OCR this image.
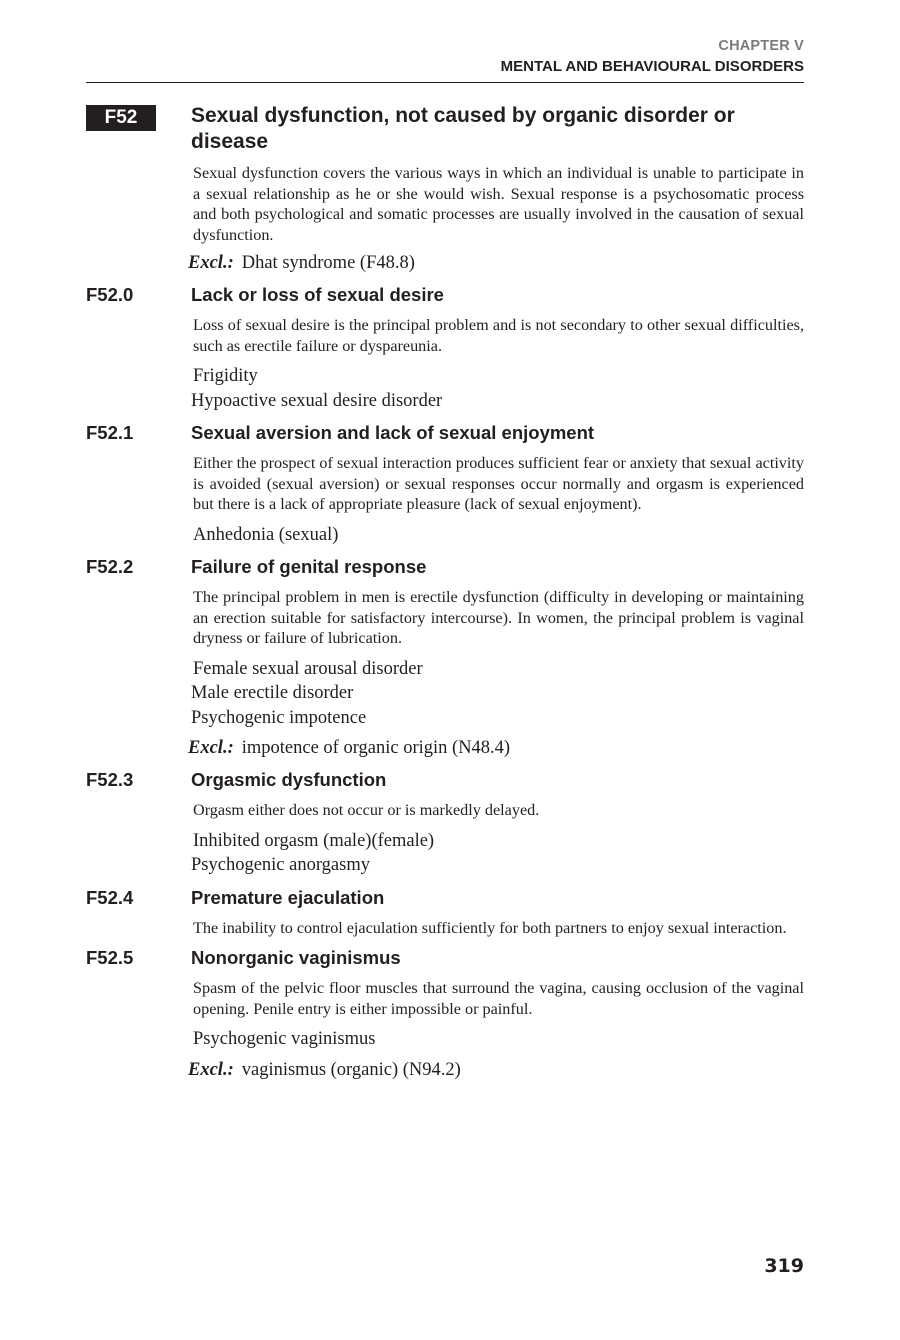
CHAPTER V
MENTAL AND BEHAVIOURAL DISORDERS
F52	Sexual dysfunction, not caused by organic disorder or disease
Sexual dysfunction covers the various ways in which an individual is unable to participate in a sexual relationship as he or she would wish. Sexual response is a psychosomatic process and both psychological and somatic processes are usually involved in the causation of sexual dysfunction.
Excl.: Dhat syndrome (F48.8)
F52.0	Lack or loss of sexual desire
Loss of sexual desire is the principal problem and is not secondary to other sexual difficulties, such as erectile failure or dyspareunia.
Frigidity
Hypoactive sexual desire disorder
F52.1	Sexual aversion and lack of sexual enjoyment
Either the prospect of sexual interaction produces sufficient fear or anxiety that sexual activity is avoided (sexual aversion) or sexual responses occur normally and orgasm is experienced but there is a lack of appropriate pleasure (lack of sexual enjoyment).
Anhedonia (sexual)
F52.2	Failure of genital response
The principal problem in men is erectile dysfunction (difficulty in developing or maintaining an erection suitable for satisfactory intercourse). In women, the principal problem is vaginal dryness or failure of lubrication.
Female sexual arousal disorder
Male erectile disorder
Psychogenic impotence
Excl.: impotence of organic origin (N48.4)
F52.3	Orgasmic dysfunction
Orgasm either does not occur or is markedly delayed.
Inhibited orgasm (male)(female)
Psychogenic anorgasmy
F52.4	Premature ejaculation
The inability to control ejaculation sufficiently for both partners to enjoy sexual interaction.
F52.5	Nonorganic vaginismus
Spasm of the pelvic floor muscles that surround the vagina, causing occlusion of the vaginal opening. Penile entry is either impossible or painful.
Psychogenic vaginismus
Excl.: vaginismus (organic) (N94.2)
319
